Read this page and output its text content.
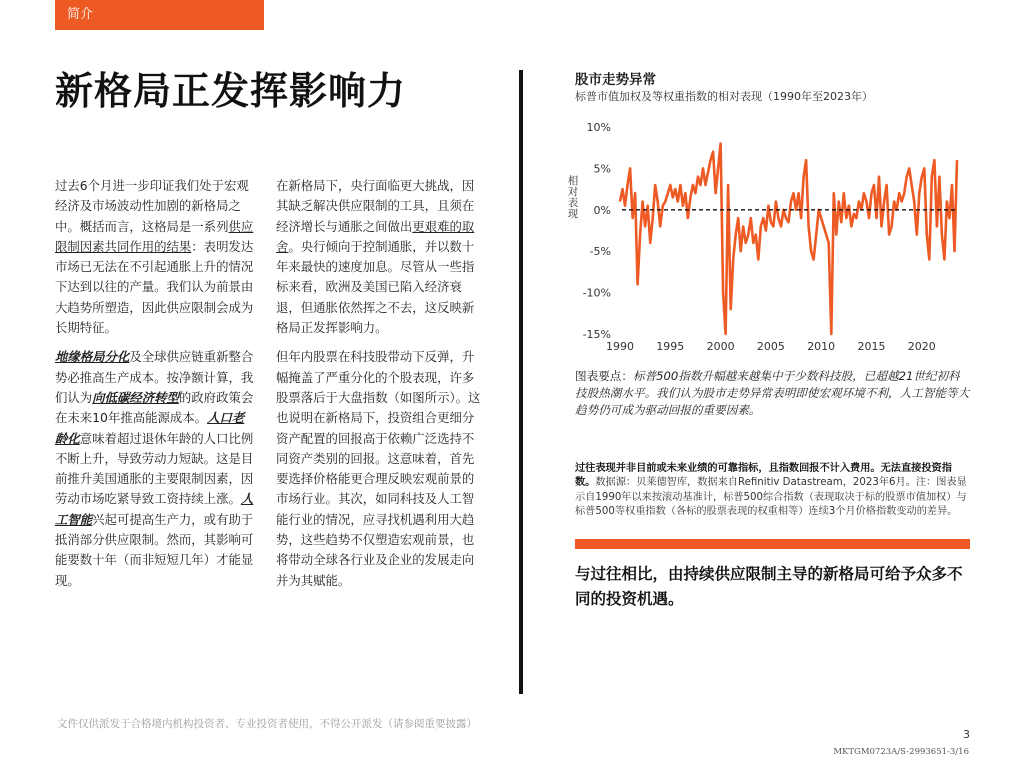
简介
新格局正发挥影响力

过去6个月进一步印证我们处于宏观经济及市场波动性加剧的新格局之中。概括而言，这格局是一系列供应限制因素共同作用的结果：表明发达市场已无法在不引起通胀上升的情况下达到以往的产量。我们认为前景由大趋势所塑造，因此供应限制会成为长期特征。

地缘格局分化及全球供应链重新整合势必推高生产成本。按净额计算，我们认为向低碳经济转型的政府政策会在未来10年推高能源成本。人口老龄化意味着超过退休年龄的人口比例不断上升，导致劳动力短缺。这是目前推升美国通胀的主要限制因素，因劳动市场吃紧导致工资持续上涨。人工智能兴起可提高生产力，或有助于抵消部分供应限制。然而，其影响可能要数十年（而非短短几年）才能显现。

在新格局下，央行面临更大挑战，因其缺乏解决供应限制的工具，且须在经济增长与通胀之间做出更艰难的取舍。央行倾向于控制通胀，并以数十年来最快的速度加息。尽管从一些指标来看，欧洲及美国已陷入经济衰退，但通胀依然挥之不去，这反映新格局正发挥影响力。

但年内股票在科技股带动下反弹，升幅掩盖了严重分化的个股表现，许多股票落后于大盘指数（如图所示）。这也说明在新格局下，投资组合更细分资产配置的回报高于依赖广泛选持不同资产类别的回报。这意味着，首先要选择价格能更合理反映宏观前景的市场行业。其次，如同科技及人工智能行业的情况，应寻找机遇利用大趋势，这些趋势不仅塑造宏观前景，也将带动全球各行业及企业的发展走向并为其赋能。

股市走势异常
标普市值加权及等权重指数的相对表现（1990年至2023年）
相对表现
10%
5%
0%
-5%
-10%
-15%
1990 1995 2000 2005 2010 2015 2020
图表要点：标普500指数升幅越来越集中于少数科技股，已超越21世纪初科技股热潮水平。我们认为股市走势异常表明即使宏观环境不利，人工智能等大趋势仍可成为驱动回报的重要因素。
过往表现并非目前或未来业绩的可靠指标，且指数回报不计入费用。无法直接投资指数。数据源：贝莱德智库，数据来自Refinitiv Datastream，2023年6月。注：图表显示自1990年以来按滚动基准计，标普500综合指数（表现取决于标的股票市值加权）与标普500等权重指数（各标的股票表现的权重相等）连续3个月价格指数变动的差异。
与过往相比，由持续供应限制主导的新格局可给予众多不同的投资机遇。
文件仅供派发于合格境内机构投资者、专业投资者使用，不得公开派发（请参阅重要披露）
3
MKTGM0723A/S-2993651-3/16
